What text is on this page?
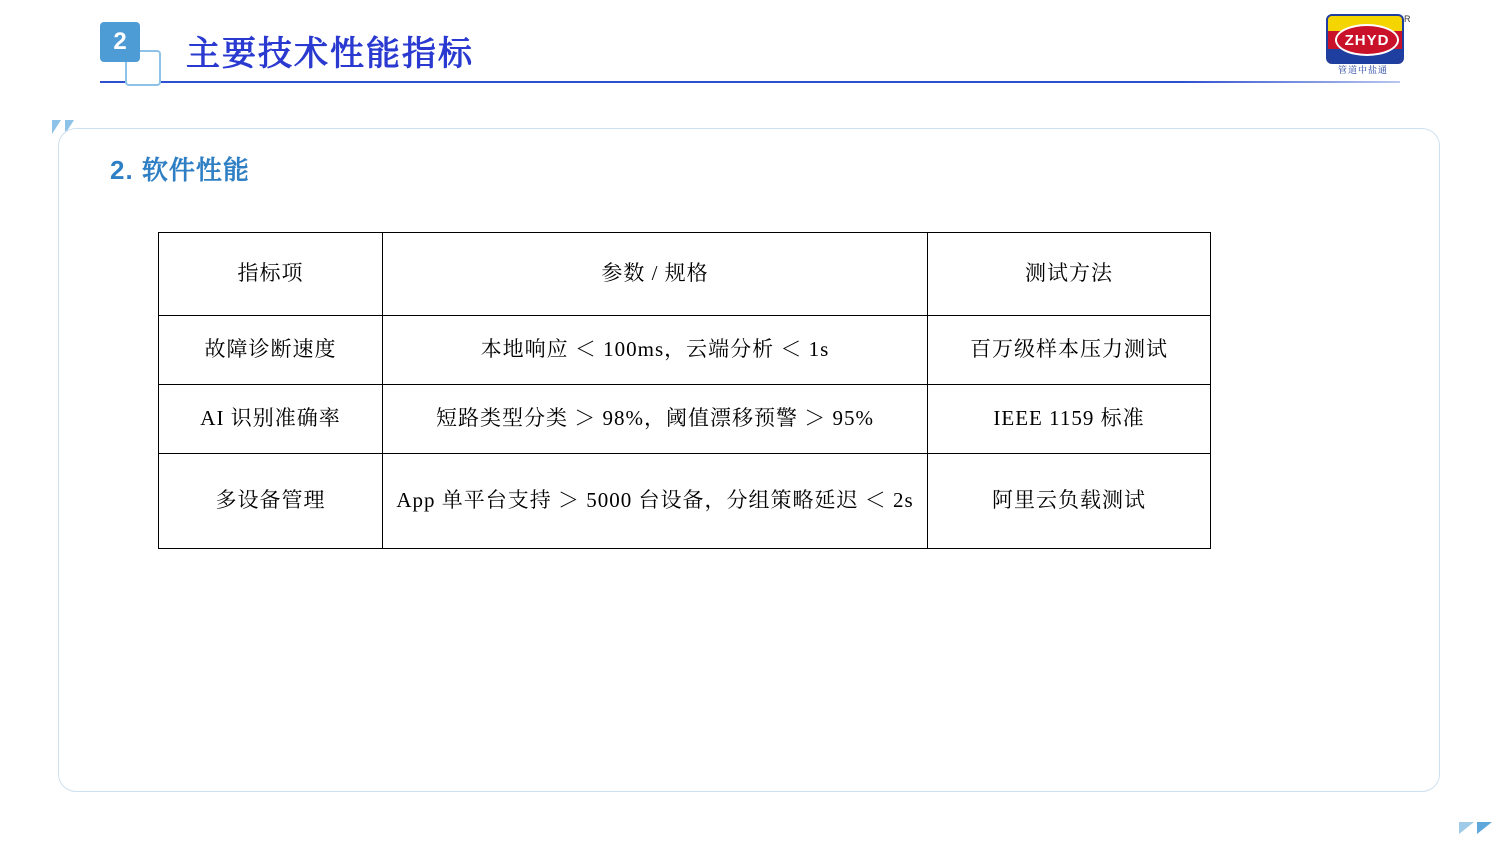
2	主要技术性能指标	ZHYD
R
管道中盐通
2. 软件性能
指标项	参数 / 规格	测试方法
故障诊断速度	本地响应 ＜ 100ms，云端分析 ＜ 1s	百万级样本压力测试
AI 识别准确率	短路类型分类 ＞ 98%，阈值漂移预警 ＞ 95%	IEEE 1159 标准
多设备管理	App 单平台支持 ＞ 5000 台设备，分组策略延迟 ＜ 2s	阿里云负载测试
